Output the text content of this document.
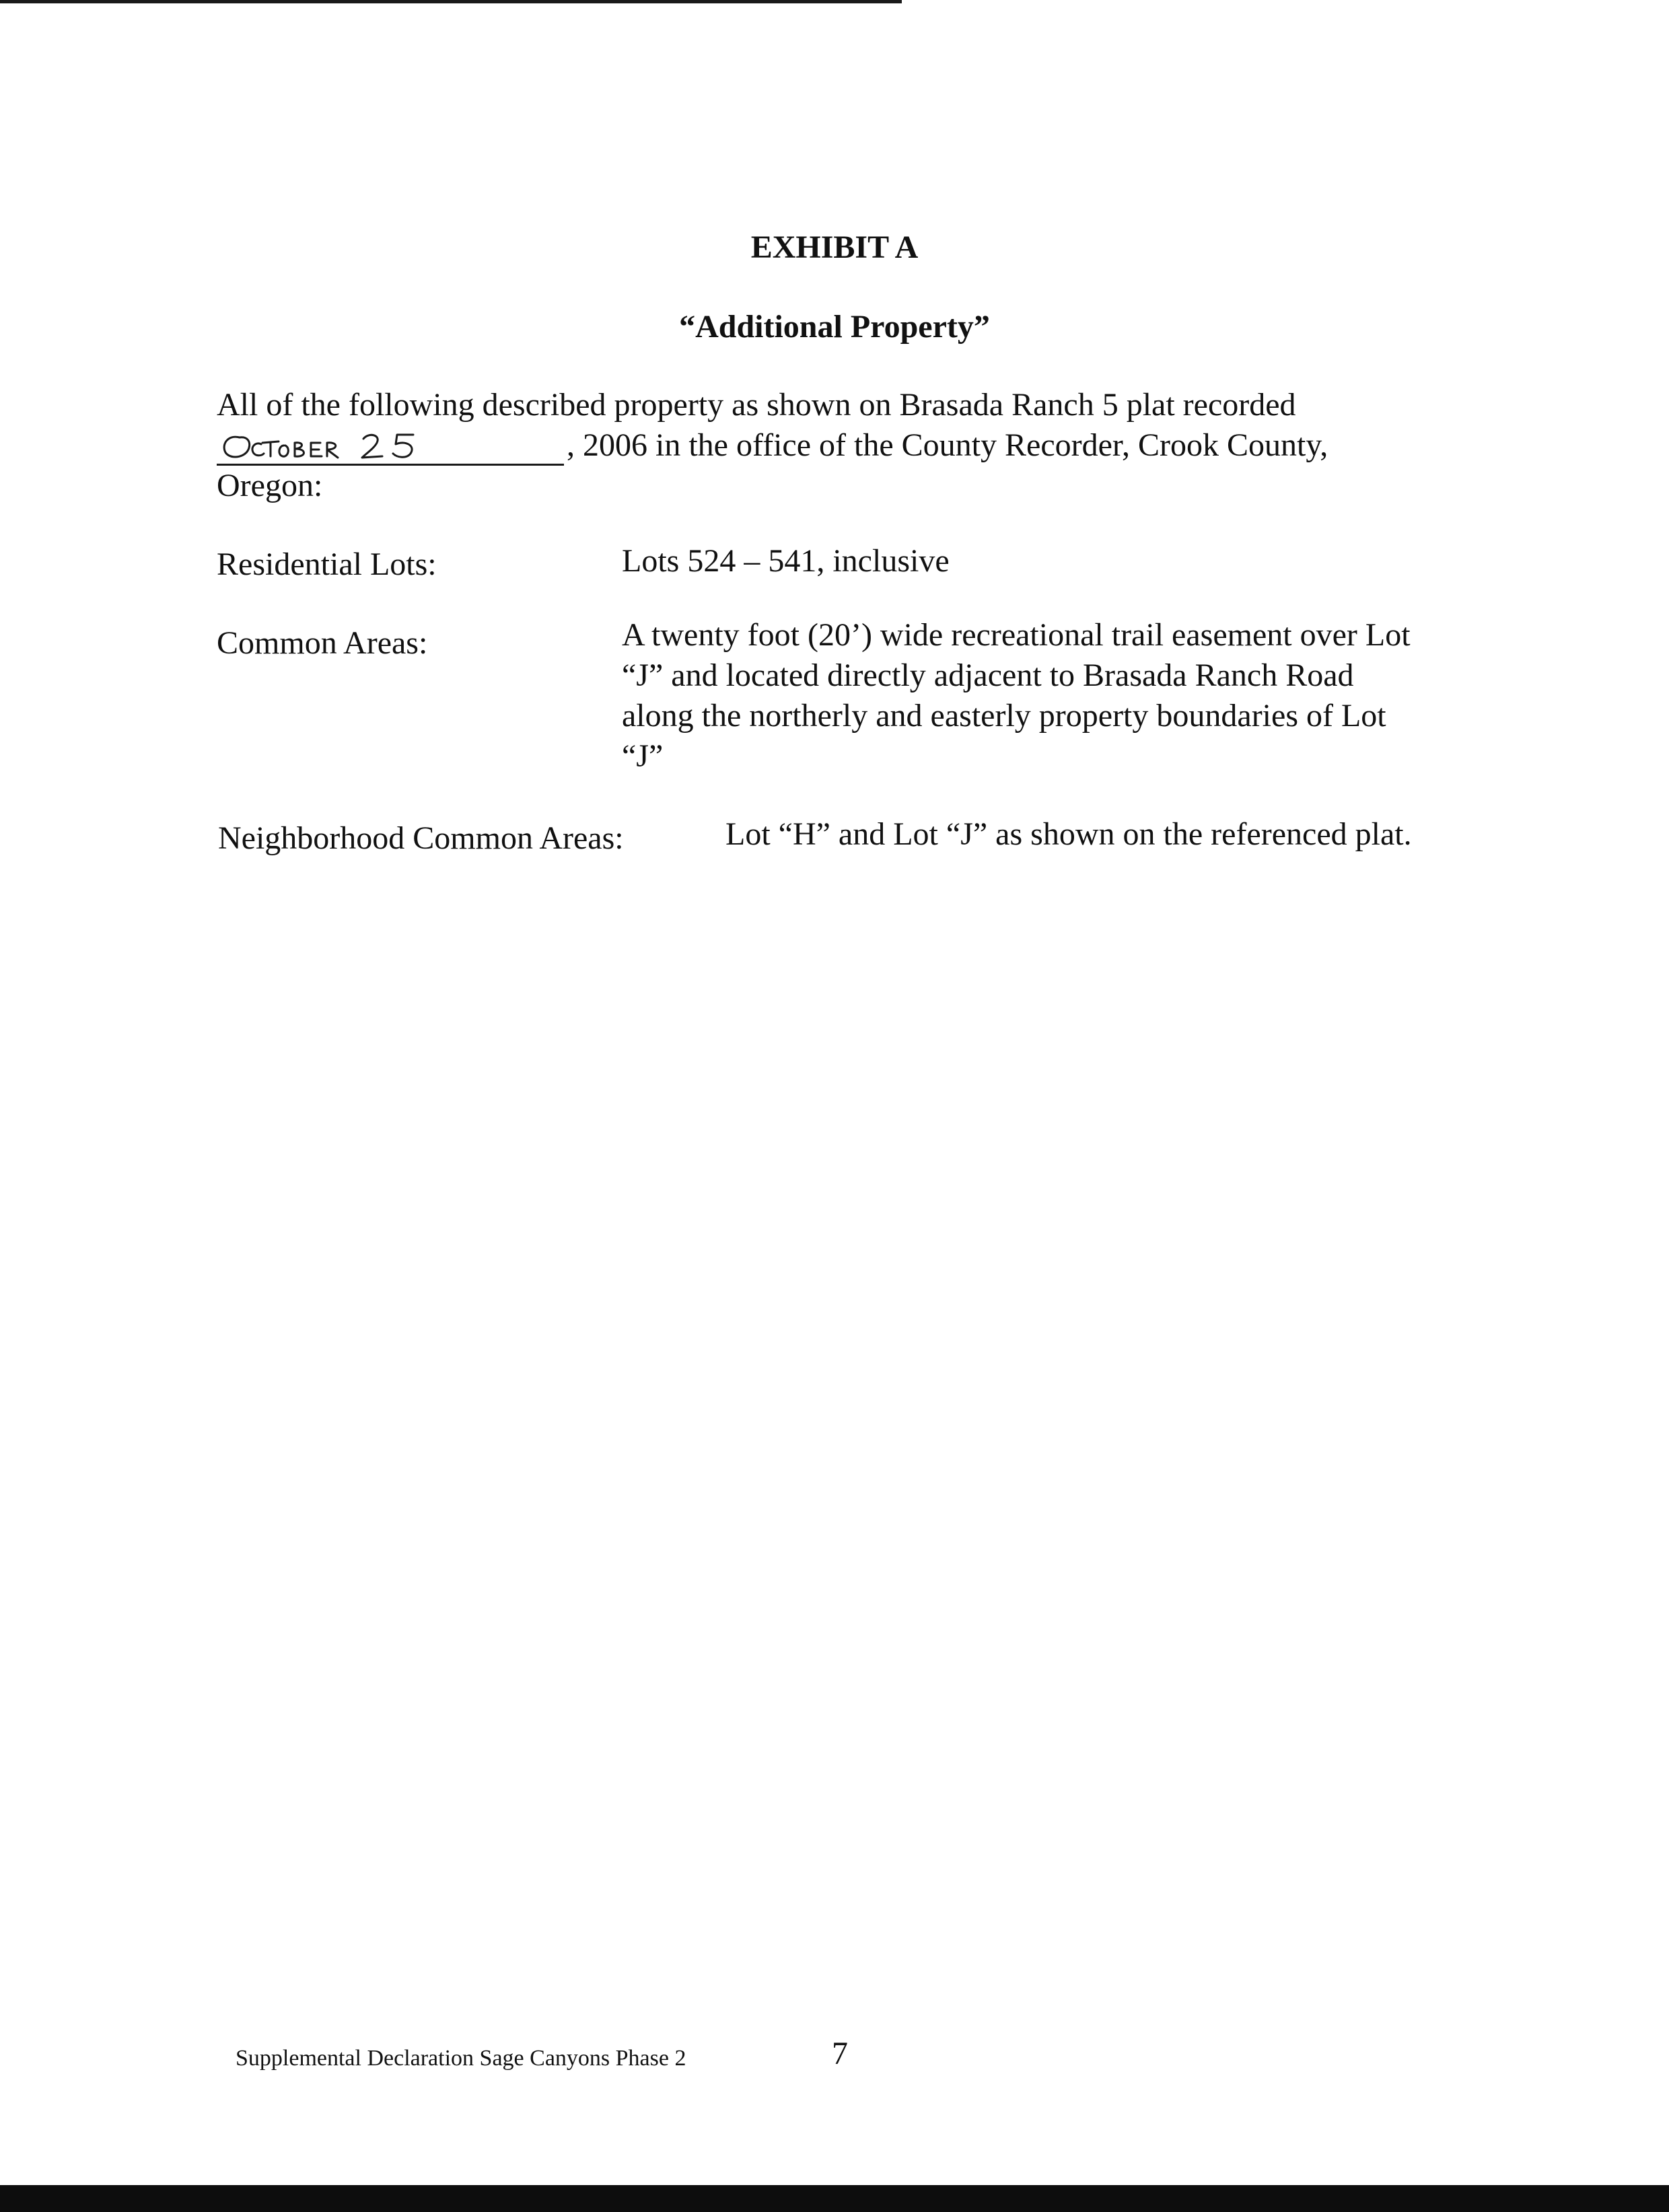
EXHIBIT A
“Additional Property”
All of the following described property as shown on Brasada Ranch 5 plat recorded
, 2006 in the office of the County Recorder, Crook County,
Oregon:
Residential Lots:	Lots 524 – 541, inclusive
Common Areas:	A twenty foot (20’) wide recreational trail easement over Lot
“J” and located directly adjacent to Brasada Ranch Road
along the northerly and easterly property boundaries of Lot
“J”
Neighborhood Common Areas:	Lot “H” and Lot “J” as shown on the referenced plat.
Supplemental Declaration Sage Canyons Phase 2	7
